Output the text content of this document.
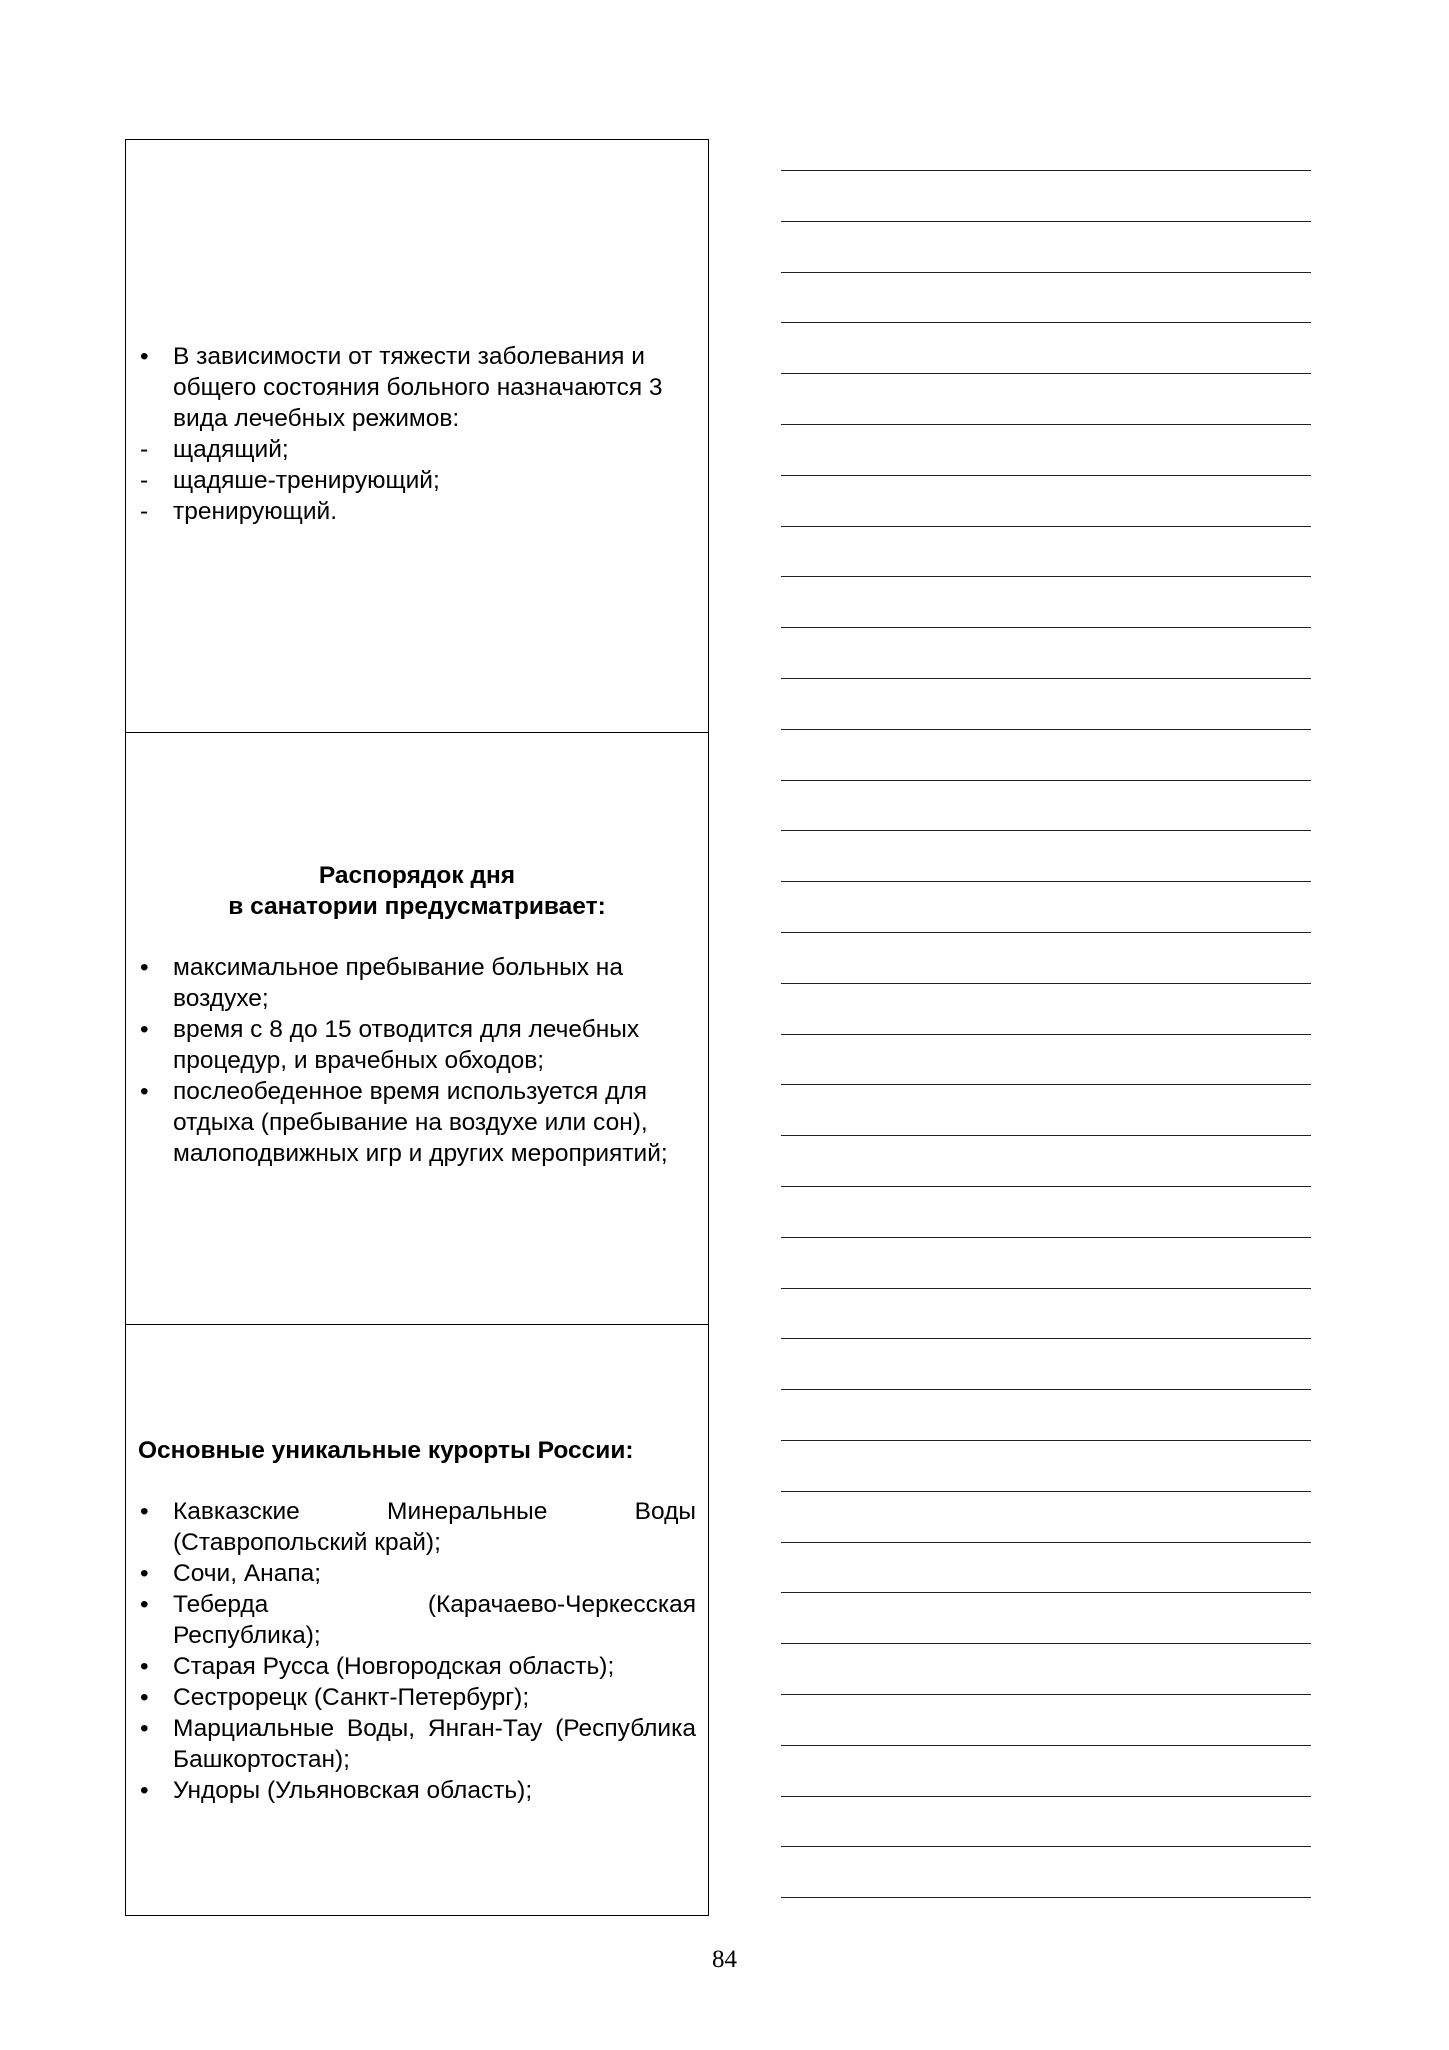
• В зависимости от тяжести заболевания и общего состояния больного назначаются 3 вида лечебных режимов:
- щадящий;
- щадяше-тренирующий;
- тренирующий.
Распорядок дня
в санатории предусматривает:
• максимальное пребывание больных на воздухе;
• время с 8 до 15 отводится для лечебных процедур, и врачебных обходов;
• послеобеденное время используется для отдыха (пребывание на воздухе или сон), малоподвижных игр и других мероприятий;
Основные уникальные курорты России:
• Кавказские Минеральные Воды (Ставропольский край);
• Сочи, Анапа;
• Теберда (Карачаево-Черкесская Республика);
• Старая Русса (Новгородская область);
• Сестрорецк (Санкт-Петербург);
• Марциальные Воды, Янган-Тау (Республика Башкортостан);
• Ундоры (Ульяновская область);
84
